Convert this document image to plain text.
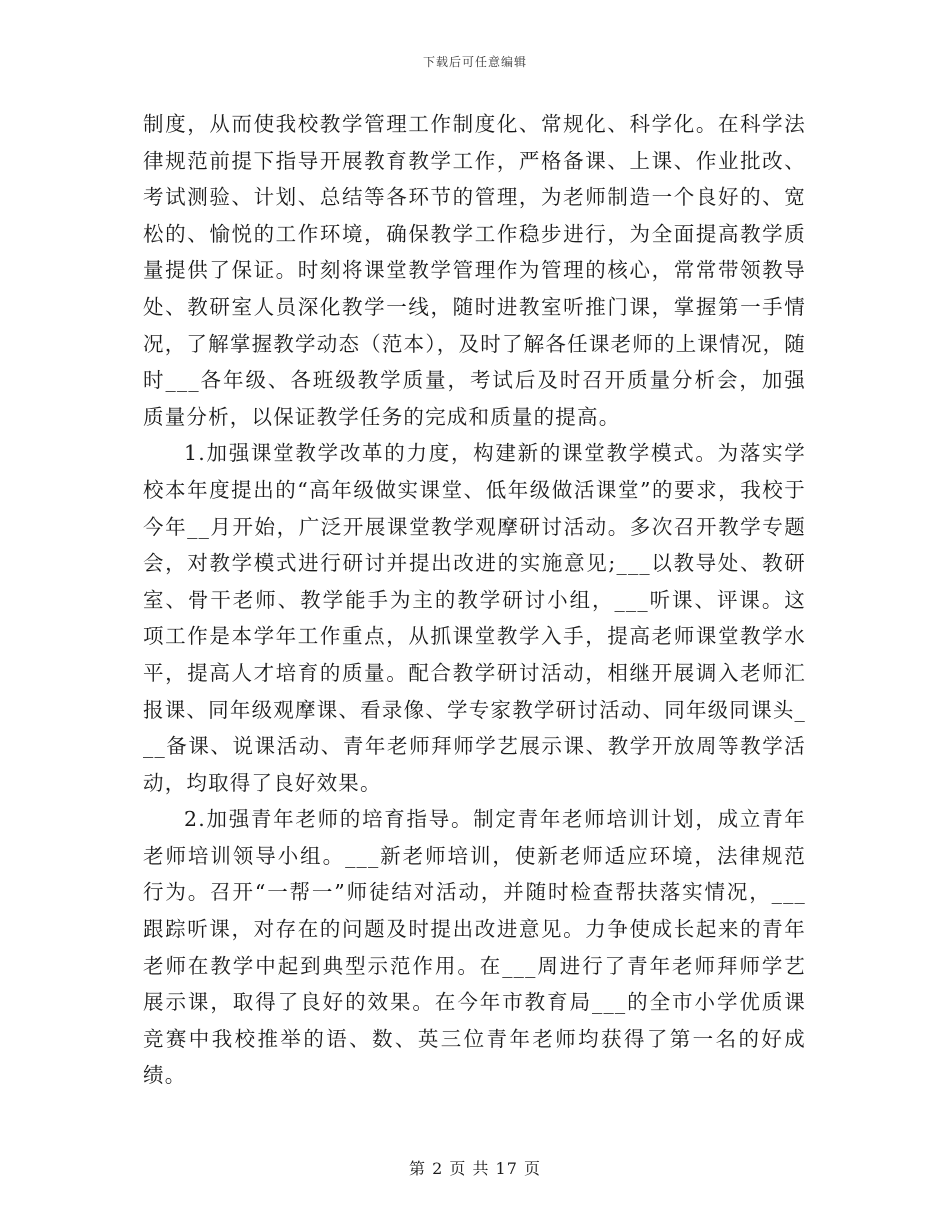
下载后可任意编辑

制度，从而使我校教学管理工作制度化、常规化、科学化。在科学法律规范前提下指导开展教育教学工作，严格备课、上课、作业批改、考试测验、计划、总结等各环节的管理，为老师制造一个良好的、宽松的、愉悦的工作环境，确保教学工作稳步进行，为全面提高教学质量提供了保证。时刻将课堂教学管理作为管理的核心，常常带领教导处、教研室人员深化教学一线，随时进教室听推门课，掌握第一手情况，了解掌握教学动态（范本），及时了解各任课老师的上课情况，随时___各年级、各班级教学质量，考试后及时召开质量分析会，加强质量分析，以保证教学任务的完成和质量的提高。

1.加强课堂教学改革的力度，构建新的课堂教学模式。为落实学校本年度提出的“高年级做实课堂、低年级做活课堂”的要求，我校于今年__月开始，广泛开展课堂教学观摩研讨活动。多次召开教学专题会，对教学模式进行研讨并提出改进的实施意见;___以教导处、教研室、骨干老师、教学能手为主的教学研讨小组，___听课、评课。这项工作是本学年工作重点，从抓课堂教学入手，提高老师课堂教学水平，提高人才培育的质量。配合教学研讨活动，相继开展调入老师汇报课、同年级观摩课、看录像、学专家教学研讨活动、同年级同课头___备课、说课活动、青年老师拜师学艺展示课、教学开放周等教学活动，均取得了良好效果。

2.加强青年老师的培育指导。制定青年老师培训计划，成立青年老师培训领导小组。___新老师培训，使新老师适应环境，法律规范行为。召开“一帮一”师徒结对活动，并随时检查帮扶落实情况，___跟踪听课，对存在的问题及时提出改进意见。力争使成长起来的青年老师在教学中起到典型示范作用。在___周进行了青年老师拜师学艺展示课，取得了良好的效果。在今年市教育局___的全市小学优质课竞赛中我校推举的语、数、英三位青年老师均获得了第一名的好成绩。

第 2 页 共 17 页
